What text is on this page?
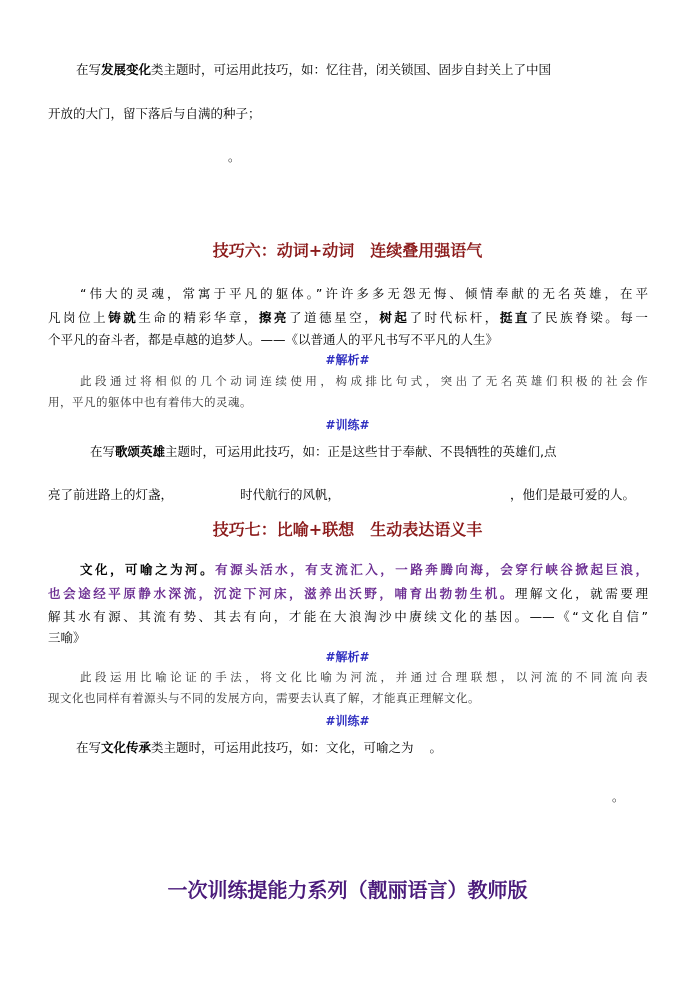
在写发展变化类主题时，可运用此技巧，如：忆往昔，闭关锁国、固步自封关上了中国
开放的大门，留下落后与自满的种子；
。
技巧六：动词+动词　连续叠用强语气
“伟大的灵魂，常寓于平凡的躯体。”许许多多无怨无悔、倾情奉献的无名英雄，在平
凡岗位上铸就生命的精彩华章，擦亮了道德星空，树起了时代标杆，挺直了民族脊梁。每一
个平凡的奋斗者，都是卓越的追梦人。——《以普通人的平凡书写不平凡的人生》
#解析#
此段通过将相似的几个动词连续使用，构成排比句式，突出了无名英雄们积极的社会作
用，平凡的躯体中也有着伟大的灵魂。
#训练#
在写歌颂英雄主题时，可运用此技巧，如：正是这些甘于奉献、不畏牺牲的英雄们,点
亮了前进路上的灯盏，	时代航行的风帆，	，他们是最可爱的人。
技巧七：比喻+联想　生动表达语义丰
文化，可喻之为河。有源头活水，有支流汇入，一路奔腾向海，会穿行峡谷掀起巨浪，
也会途经平原静水深流，沉淀下河床，滋养出沃野，哺育出勃勃生机。理解文化，就需要理
解其水有源、其流有势、其去有向，才能在大浪淘沙中赓续文化的基因。——《“文化自信”
三喻》
#解析#
此段运用比喻论证的手法，将文化比喻为河流，并通过合理联想，以河流的不同流向表
现文化也同样有着源头与不同的发展方向，需要去认真了解，才能真正理解文化。
#训练#
在写文化传承类主题时，可运用此技巧，如：文化，可喻之为 。
。
一次训练提能力系列（靓丽语言）教师版
